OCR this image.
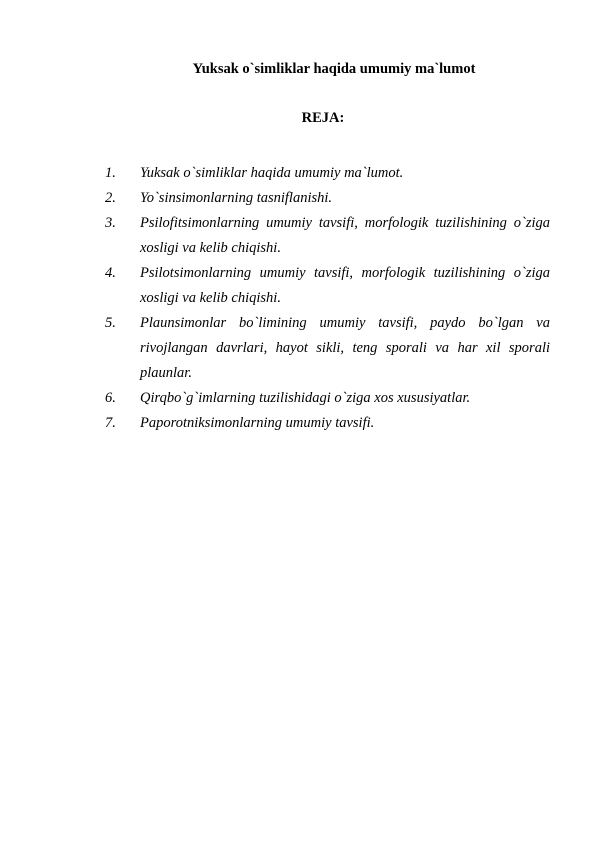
Yuksak o`simliklar haqida umumiy ma`lumot
REJA:
1. Yuksak o`simliklar haqida umumiy ma`lumot.
2. Yo`sinsimonlarning tasniflanishi.
3. Psilofitsimonlarning umumiy tavsifi, morfologik tuzilishining o`ziga xosligi va kelib chiqishi.
4. Psilotsimonlarning umumiy tavsifi, morfologik tuzilishining o`ziga xosligi va kelib chiqishi.
5. Plaunsimonlar bo`limining umumiy tavsifi, paydo bo`lgan va rivojlangan davrlari, hayot sikli, teng sporali va har xil sporali plaunlar.
6. Qirqbo`g`imlarning tuzilishidagi o`ziga xos xususiyatlar.
7. Paporotniksimonlarning umumiy tavsifi.
